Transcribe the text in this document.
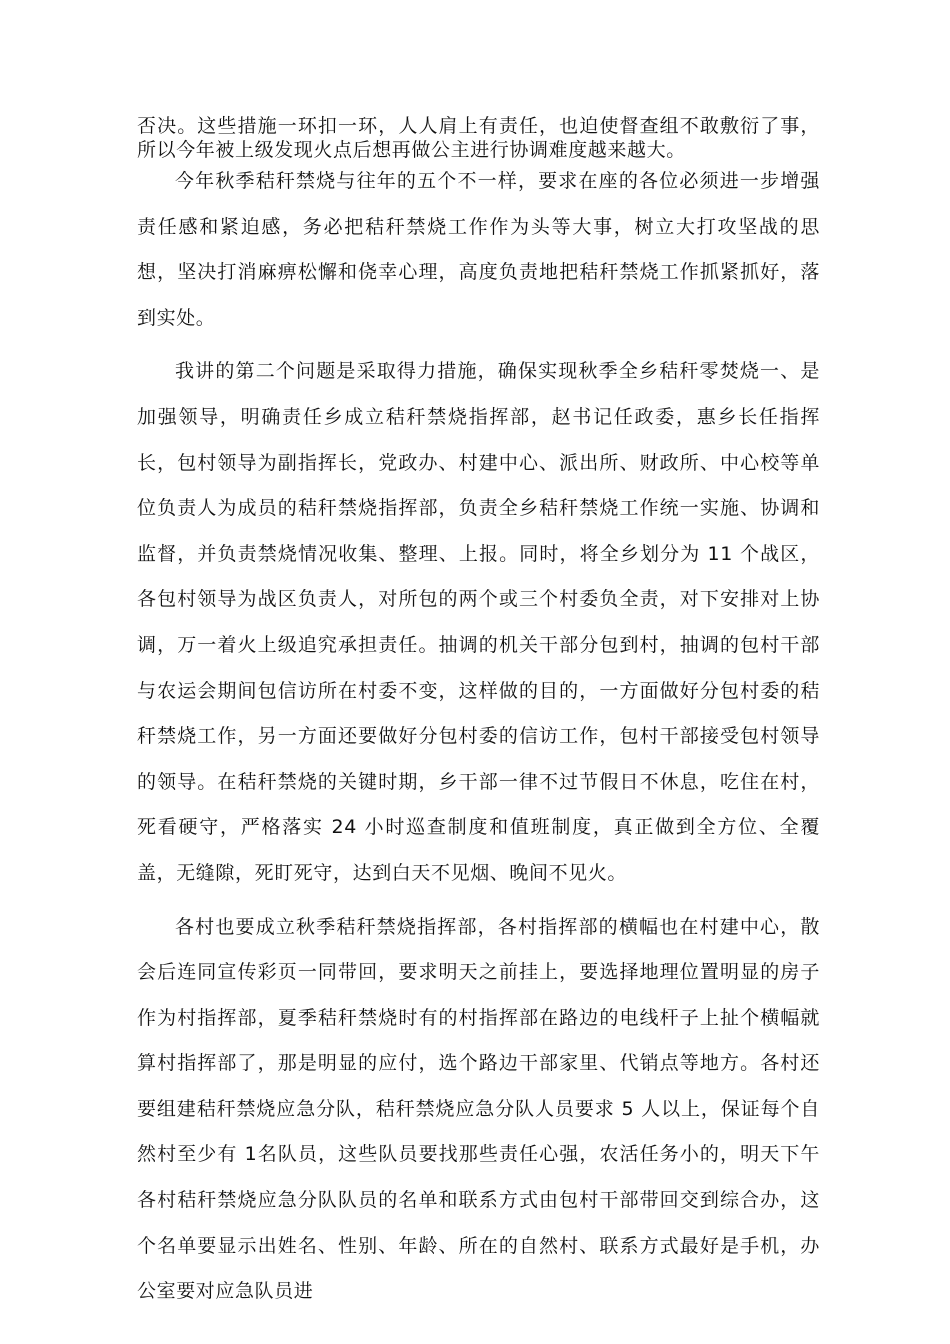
否决。这些措施一环扣一环，人人肩上有责任，也迫使督查组不敢敷衍了事，所以今年被上级发现火点后想再做公主进行协调难度越来越大。

今年秋季秸秆禁烧与往年的五个不一样，要求在座的各位必须进一步增强责任感和紧迫感，务必把秸秆禁烧工作作为头等大事，树立大打攻坚战的思想，坚决打消麻痹松懈和侥幸心理，高度负责地把秸秆禁烧工作抓紧抓好，落到实处。

我讲的第二个问题是采取得力措施，确保实现秋季全乡秸秆零焚烧一、是加强领导，明确责任乡成立秸秆禁烧指挥部，赵书记任政委，惠乡长任指挥长，包村领导为副指挥长，党政办、村建中心、派出所、财政所、中心校等单位负责人为成员的秸秆禁烧指挥部，负责全乡秸秆禁烧工作统一实施、协调和监督，并负责禁烧情况收集、整理、上报。同时，将全乡划分为 11 个战区，各包村领导为战区负责人，对所包的两个或三个村委负全责，对下安排对上协调，万一着火上级追究承担责任。抽调的机关干部分包到村，抽调的包村干部与农运会期间包信访所在村委不变，这样做的目的，一方面做好分包村委的秸秆禁烧工作，另一方面还要做好分包村委的信访工作，包村干部接受包村领导的领导。在秸秆禁烧的关键时期，乡干部一律不过节假日不休息，吃住在村，死看硬守，严格落实 24 小时巡查制度和值班制度，真正做到全方位、全覆盖，无缝隙，死盯死守，达到白天不见烟、晚间不见火。

各村也要成立秋季秸秆禁烧指挥部，各村指挥部的横幅也在村建中心，散会后连同宣传彩页一同带回，要求明天之前挂上，要选择地理位置明显的房子作为村指挥部，夏季秸秆禁烧时有的村指挥部在路边的电线杆子上扯个横幅就算村指挥部了，那是明显的应付，选个路边干部家里、代销点等地方。各村还要组建秸秆禁烧应急分队，秸秆禁烧应急分队人员要求 5 人以上，保证每个自然村至少有 1名队员，这些队员要找那些责任心强，农活任务小的，明天下午各村秸秆禁烧应急分队队员的名单和联系方式由包村干部带回交到综合办，这个名单要显示出姓名、性别、年龄、所在的自然村、联系方式最好是手机，办公室要对应急队员进
